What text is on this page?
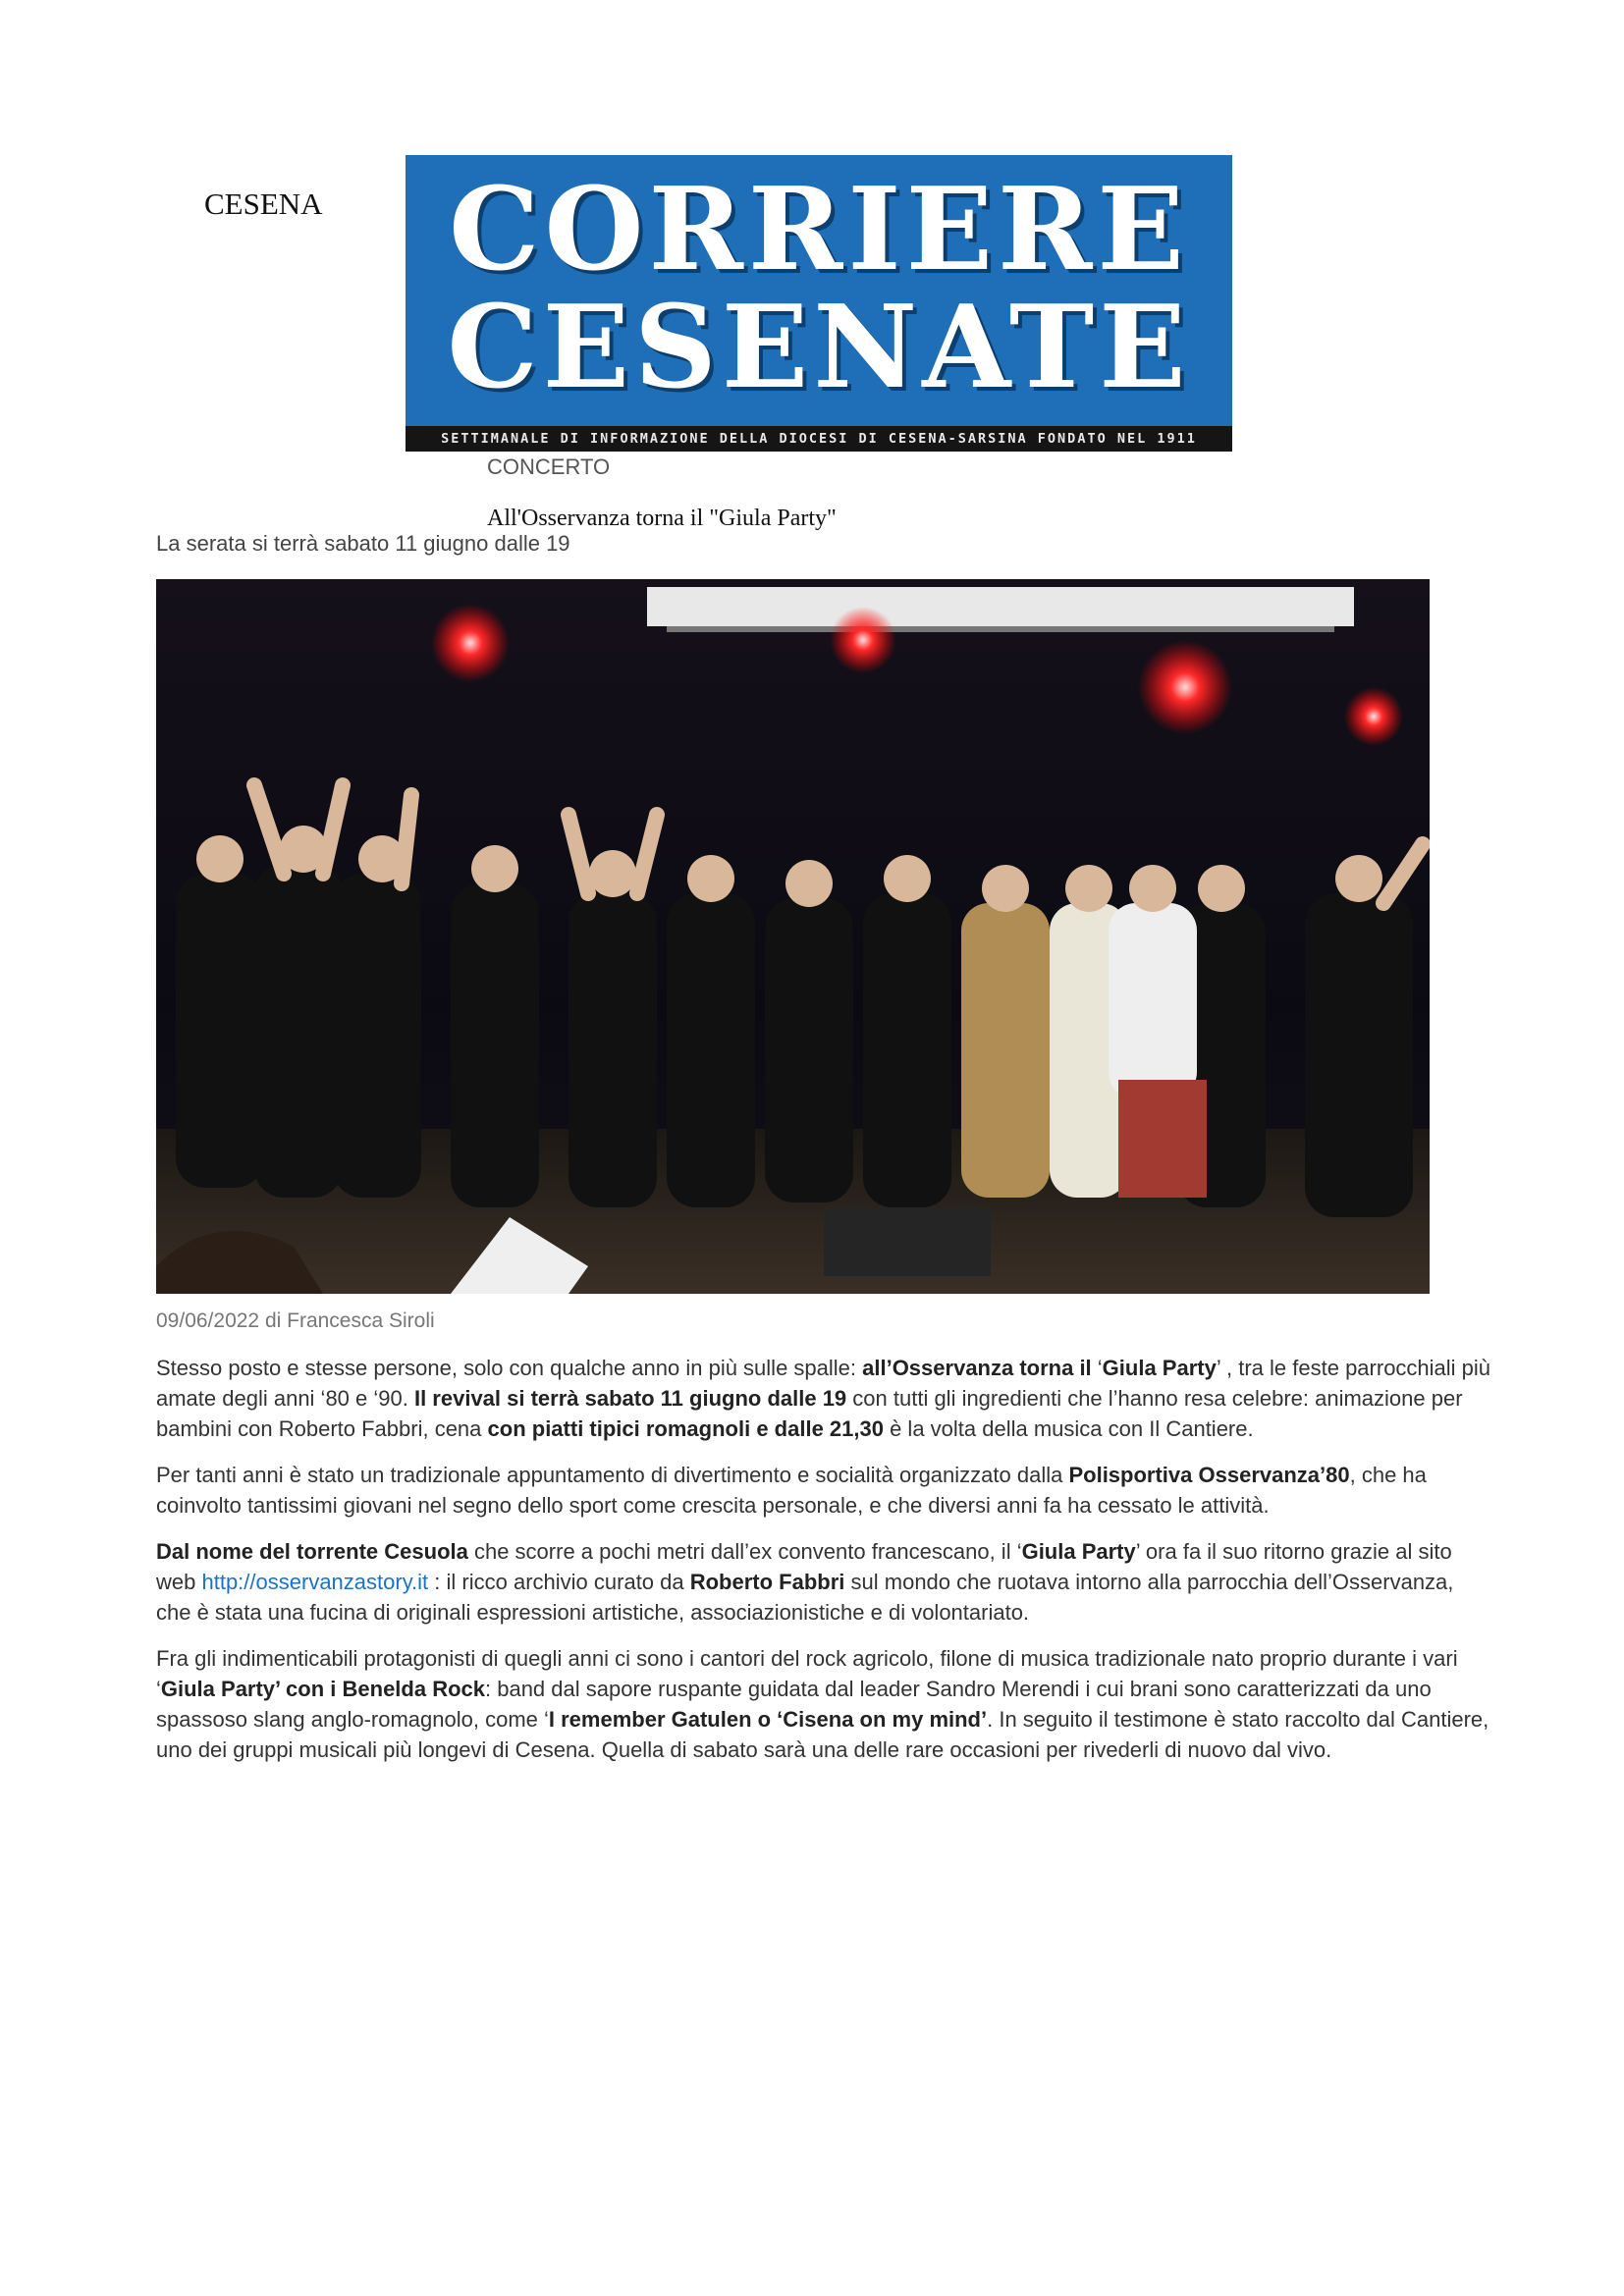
CESENA	CORRIERE
CESENATE
SETTIMANALE DI INFORMAZIONE DELLA DIOCESI DI CESENA-SARSINA FONDATO NEL 1911
CONCERTO
All'Osservanza torna il "Giula Party"
La serata si terrà sabato 11 giugno dalle 19
09/06/2022 di Francesca Siroli

Stesso posto e stesse persone, solo con qualche anno in più sulle spalle: all’Osservanza torna il ‘Giula Party’ , tra le feste parrocchiali più amate degli anni ‘80 e ‘90. Il revival si terrà sabato 11 giugno dalle 19 con tutti gli ingredienti che l’hanno resa celebre: animazione per bambini con Roberto Fabbri, cena con piatti tipici romagnoli e dalle 21,30 è la volta della musica con Il Cantiere.

Per tanti anni è stato un tradizionale appuntamento di divertimento e socialità organizzato dalla Polisportiva Osservanza’80, che ha coinvolto tantissimi giovani nel segno dello sport come crescita personale, e che diversi anni fa ha cessato le attività.

Dal nome del torrente Cesuola che scorre a pochi metri dall’ex convento francescano, il ‘Giula Party’ ora fa il suo ritorno grazie al sito web http://osservanzastory.it : il ricco archivio curato da Roberto Fabbri sul mondo che ruotava intorno alla parrocchia dell’Osservanza, che è stata una fucina di originali espressioni artistiche, associazionistiche e di volontariato.

Fra gli indimenticabili protagonisti di quegli anni ci sono i cantori del rock agricolo, filone di musica tradizionale nato proprio durante i vari ‘Giula Party’ con i Benelda Rock: band dal sapore ruspante guidata dal leader Sandro Merendi i cui brani sono caratterizzati da uno spassoso slang anglo-romagnolo, come ‘I remember Gatulen o ‘Cisena on my mind’. In seguito il testimone è stato raccolto dal Cantiere, uno dei gruppi musicali più longevi di Cesena. Quella di sabato sarà una delle rare occasioni per rivederli di nuovo dal vivo.
